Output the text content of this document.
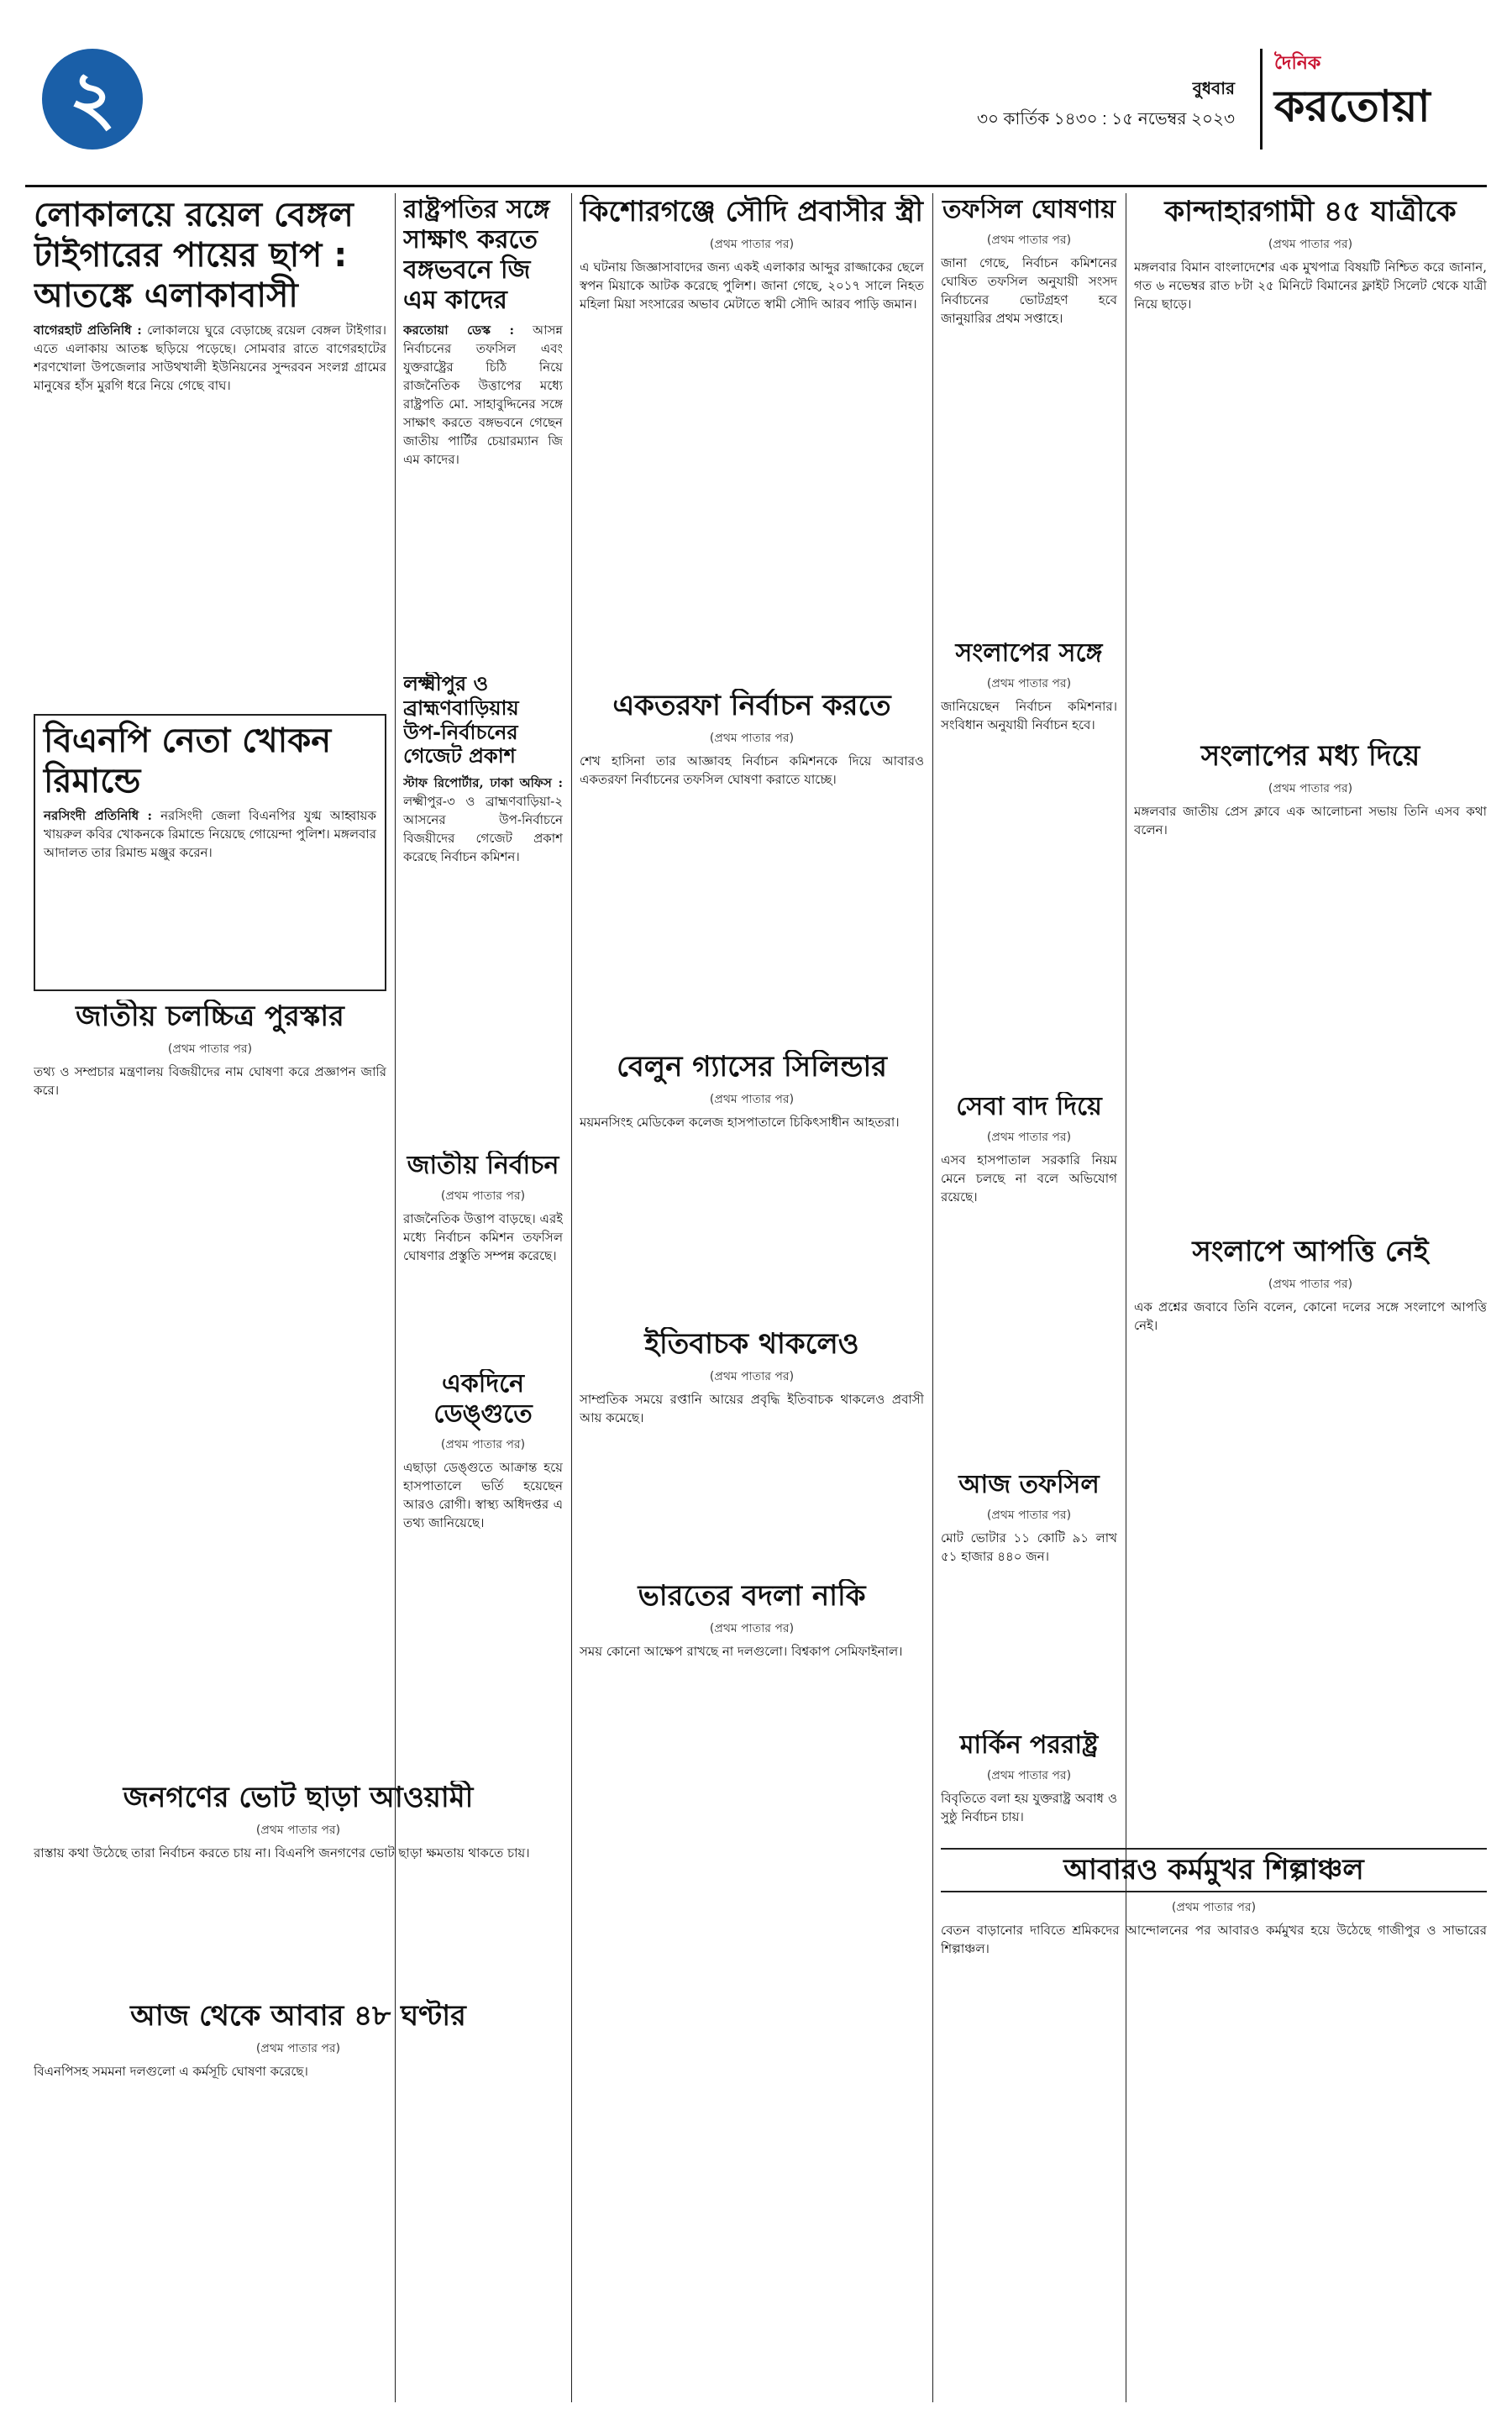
২	বুধবার
৩০ কার্তিক ১৪৩০ : ১৫ নভেম্বর ২০২৩
দৈনিক
করতোয়া
লোকালয়ে রয়েল বেঙ্গল টাইগারের পায়ের ছাপ : আতঙ্কে এলাকাবাসী

বাগেরহাট প্রতিনিধি : লোকালয়ে ঘুরে বেড়াচ্ছে রয়েল বেঙ্গল টাইগার। এতে এলাকায় আতঙ্ক ছড়িয়ে পড়েছে। সোমবার রাতে বাগেরহাটের শরণখোলা উপজেলার সাউথখালী ইউনিয়নের সুন্দরবন সংলগ্ন গ্রামের মানুষের হাঁস মুরগি ধরে নিয়ে গেছে বাঘ।

রাষ্ট্রপতির সঙ্গে সাক্ষাৎ করতে বঙ্গভবনে জি এম কাদের

করতোয়া ডেস্ক : আসন্ন নির্বাচনের তফসিল এবং যুক্তরাষ্ট্রের চিঠি নিয়ে রাজনৈতিক উত্তাপের মধ্যে রাষ্ট্রপতি মো. সাহাবুদ্দিনের সঙ্গে সাক্ষাৎ করতে বঙ্গভবনে গেছেন জাতীয় পার্টির চেয়ারম্যান জি এম কাদের।

বিএনপি নেতা খোকন রিমান্ডে

নরসিংদী প্রতিনিধি : নরসিংদী জেলা বিএনপির যুগ্ম আহ্বায়ক খায়রুল কবির খোকনকে রিমান্ডে নিয়েছে গোয়েন্দা পুলিশ। মঙ্গলবার আদালত তার রিমান্ড মঞ্জুর করেন।

জাতীয় চলচ্চিত্র পুরস্কার
(প্রথম পাতার পর)

তথ্য ও সম্প্রচার মন্ত্রণালয় বিজয়ীদের নাম ঘোষণা করে প্রজ্ঞাপন জারি করে।

লক্ষ্মীপুর ও ব্রাহ্মণবাড়িয়ায় উপ-নির্বাচনের গেজেট প্রকাশ

স্টাফ রিপোর্টার, ঢাকা অফিস : লক্ষ্মীপুর-৩ ও ব্রাহ্মণবাড়িয়া-২ আসনের উপ-নির্বাচনে বিজয়ীদের গেজেট প্রকাশ করেছে নির্বাচন কমিশন।

জাতীয় নির্বাচন
(প্রথম পাতার পর)

রাজনৈতিক উত্তাপ বাড়ছে। এরই মধ্যে নির্বাচন কমিশন তফসিল ঘোষণার প্রস্তুতি সম্পন্ন করেছে।

একদিনে ডেঙ্গুতে
(প্রথম পাতার পর)

এছাড়া ডেঙ্গুতে আক্রান্ত হয়ে হাসপাতালে ভর্তি হয়েছেন আরও রোগী। স্বাস্থ্য অধিদপ্তর এ তথ্য জানিয়েছে।

কিশোরগঞ্জে সৌদি প্রবাসীর স্ত্রী
(প্রথম পাতার পর)

এ ঘটনায় জিজ্ঞাসাবাদের জন্য একই এলাকার আব্দুর রাজ্জাকের ছেলে স্বপন মিয়াকে আটক করেছে পুলিশ। জানা গেছে, ২০১৭ সালে নিহত মহিলা মিয়া সংসারের অভাব মেটাতে স্বামী সৌদি আরব পাড়ি জমান।

একতরফা নির্বাচন করতে
(প্রথম পাতার পর)

শেখ হাসিনা তার আজ্ঞাবহ নির্বাচন কমিশনকে দিয়ে আবারও একতরফা নির্বাচনের তফসিল ঘোষণা করাতে যাচ্ছে।

বেলুন গ্যাসের সিলিন্ডার
(প্রথম পাতার পর)

ময়মনসিংহ মেডিকেল কলেজ হাসপাতালে চিকিৎসাধীন আহতরা।

ইতিবাচক থাকলেও
(প্রথম পাতার পর)

সাম্প্রতিক সময়ে রপ্তানি আয়ের প্রবৃদ্ধি ইতিবাচক থাকলেও প্রবাসী আয় কমেছে।

ভারতের বদলা নাকি
(প্রথম পাতার পর)

সময় কোনো আক্ষেপ রাখছে না দলগুলো। বিশ্বকাপ সেমিফাইনাল।

তফসিল ঘোষণায়
(প্রথম পাতার পর)

জানা গেছে, নির্বাচন কমিশনের ঘোষিত তফসিল অনুযায়ী সংসদ নির্বাচনের ভোটগ্রহণ হবে জানুয়ারির প্রথম সপ্তাহে।

সংলাপের সঙ্গে
(প্রথম পাতার পর)

জানিয়েছেন নির্বাচন কমিশনার। সংবিধান অনুযায়ী নির্বাচন হবে।

সেবা বাদ দিয়ে
(প্রথম পাতার পর)

এসব হাসপাতাল সরকারি নিয়ম মেনে চলছে না বলে অভিযোগ রয়েছে।

আজ তফসিল
(প্রথম পাতার পর)

মোট ভোটার ১১ কোটি ৯১ লাখ ৫১ হাজার ৪৪০ জন।

মার্কিন পররাষ্ট্র
(প্রথম পাতার পর)

বিবৃতিতে বলা হয় যুক্তরাষ্ট্র অবাধ ও সুষ্ঠু নির্বাচন চায়।

কান্দাহারগামী ৪৫ যাত্রীকে
(প্রথম পাতার পর)

মঙ্গলবার বিমান বাংলাদেশের এক মুখপাত্র বিষয়টি নিশ্চিত করে জানান, গত ৬ নভেম্বর রাত ৮টা ২৫ মিনিটে বিমানের ফ্লাইট সিলেট থেকে যাত্রী নিয়ে ছাড়ে।

সংলাপের মধ্য দিয়ে
(প্রথম পাতার পর)

মঙ্গলবার জাতীয় প্রেস ক্লাবে এক আলোচনা সভায় তিনি এসব কথা বলেন।

সংলাপে আপত্তি নেই
(প্রথম পাতার পর)

এক প্রশ্নের জবাবে তিনি বলেন, কোনো দলের সঙ্গে সংলাপে আপত্তি নেই।

জনগণের ভোট ছাড়া আওয়ামী
(প্রথম পাতার পর)

রাস্তায় কথা উঠেছে তারা নির্বাচন করতে চায় না। বিএনপি জনগণের ভোট ছাড়া ক্ষমতায় থাকতে চায়।

আজ থেকে আবার ৪৮ ঘণ্টার
(প্রথম পাতার পর)

বিএনপিসহ সমমনা দলগুলো এ কর্মসূচি ঘোষণা করেছে।

আবারও কর্মমুখর শিল্পাঞ্চল
(প্রথম পাতার পর)

বেতন বাড়ানোর দাবিতে শ্রমিকদের আন্দোলনের পর আবারও কর্মমুখর হয়ে উঠেছে গাজীপুর ও সাভারের শিল্পাঞ্চল।
